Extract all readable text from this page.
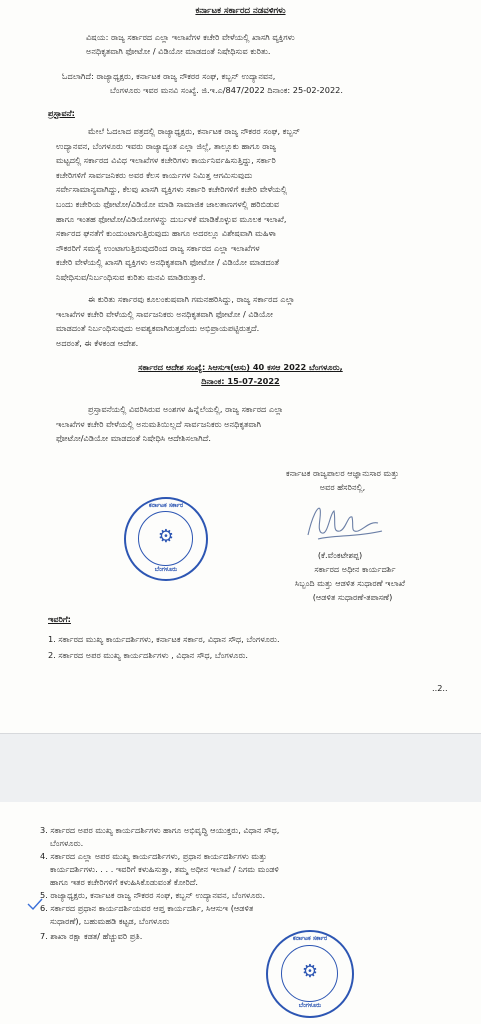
ಕರ್ನಾಟಕ ಸರ್ಕಾರದ ನಡವಳಿಗಳು
ವಿಷಯ: ರಾಜ್ಯ ಸರ್ಕಾರದ ಎಲ್ಲಾ ಇಲಾಖೆಗಳ ಕಚೇರಿ ವೇಳೆಯಲ್ಲಿ ಖಾಸಗಿ ವ್ಯಕ್ತಿಗಳು
ಅನಧಿಕೃತವಾಗಿ ಫೋಟೋ / ವಿಡಿಯೋ ಮಾಡದಂತೆ ನಿಷೇಧಿಸುವ ಕುರಿತು.
ಓದಲಾಗಿದೆ: ರಾಜ್ಯಾಧ್ಯಕ್ಷರು, ಕರ್ನಾಟಕ ರಾಜ್ಯ ನೌಕರರ ಸಂಘ, ಕಬ್ಬನ್ ಉದ್ಯಾನವನ,
ಬೆಂಗಳೂರು ಇವರ ಮನವಿ ಸಂಖ್ಯೆ. ಜಿ.ಇ.ಎ/847/2022 ದಿನಾಂಕ: 25-02-2022.
ಪ್ರಸ್ತಾವನೆ:
ಮೇಲೆ ಓದಲಾದ ಪತ್ರದಲ್ಲಿ ರಾಜ್ಯಾಧ್ಯಕ್ಷರು, ಕರ್ನಾಟಕ ರಾಜ್ಯ ನೌಕರರ ಸಂಘ, ಕಬ್ಬನ್
ಉದ್ಯಾನವನ, ಬೆಂಗಳೂರು ಇವರು ರಾಜ್ಯಾದ್ಯಂತ ಎಲ್ಲಾ ಜಿಲ್ಲೆ, ತಾಲ್ಲೂಕು ಹಾಗೂ ರಾಜ್ಯ
ಮಟ್ಟದಲ್ಲಿ ಸರ್ಕಾರದ ವಿವಿಧ ಇಲಾಖೆಗಳ ಕಚೇರಿಗಳು ಕಾರ್ಯನಿರ್ವಹಿಸುತ್ತಿದ್ದು, ಸರ್ಕಾರಿ
ಕಚೇರಿಗಳಿಗೆ ಸಾರ್ವಜನಿಕರು ಅವರ ಕೆಲಸ ಕಾರ್ಯಗಳ ನಿಮಿತ್ತ ಆಗಮಿಸುವುದು
ಸರ್ವೇಸಾಮಾನ್ಯವಾಗಿದ್ದು, ಕೆಲವು ಖಾಸಗಿ ವ್ಯಕ್ತಿಗಳು ಸರ್ಕಾರಿ ಕಚೇರಿಗಳಿಗೆ ಕಚೇರಿ ವೇಳೆಯಲ್ಲಿ
ಬಂದು ಕಚೇರಿಯ ಫೋಟೋ/ವಿಡಿಯೋ ಮಾಡಿ ಸಾಮಾಜಿಕ ಜಾಲತಾಣಗಳಲ್ಲಿ ಹರಿಬಿಡುವ
ಹಾಗೂ ಇಂತಹ ಫೋಟೋ/ವಿಡಿಯೋಗಳನ್ನು ದುರ್ಬಳಕೆ ಮಾಡಿಕೊಳ್ಳುವ ಮೂಲಕ ಇಲಾಖೆ,
ಸರ್ಕಾರದ ಘನತೆಗೆ ಕುಂದುಂಟಾಗುತ್ತಿರುವುದು ಹಾಗೂ ಅದರಲ್ಲೂ ವಿಶೇಷವಾಗಿ ಮಹಿಳಾ
ನೌಕರರಿಗೆ ಸಮಸ್ಯೆ ಉಂಟಾಗುತ್ತಿರುವುದರಿಂದ ರಾಜ್ಯ ಸರ್ಕಾರದ ಎಲ್ಲಾ ಇಲಾಖೆಗಳ
ಕಚೇರಿ ವೇಳೆಯಲ್ಲಿ ಖಾಸಗಿ ವ್ಯಕ್ತಿಗಳು ಅನಧಿಕೃತವಾಗಿ ಫೋಟೋ / ವಿಡಿಯೋ ಮಾಡದಂತೆ
ನಿಷೇಧಿಸುವ/ನಿರ್ಬಂಧಿಸುವ ಕುರಿತು ಮನವಿ ಮಾಡಿರುತ್ತಾರೆ.
ಈ ಕುರಿತು ಸರ್ಕಾರವು ಕೂಲಂಕುಷವಾಗಿ ಗಮನಹರಿಸಿದ್ದು, ರಾಜ್ಯ ಸರ್ಕಾರದ ಎಲ್ಲಾ
ಇಲಾಖೆಗಳ ಕಚೇರಿ ವೇಳೆಯಲ್ಲಿ ಸಾರ್ವಜನಿಕರು ಅನಧಿಕೃತವಾಗಿ ಫೋಟೋ / ವಿಡಿಯೋ
ಮಾಡದಂತೆ ನಿರ್ಬಂಧಿಸುವುದು ಅವಶ್ಯಕವಾಗಿರುತ್ತದೆಂದು ಅಭಿಪ್ರಾಯಪಟ್ಟಿರುತ್ತದೆ.
ಅದರಂತೆ, ಈ ಕೆಳಕಂಡ ಆದೇಶ.
ಸರ್ಕಾರದ ಆದೇಶ ಸಂಖ್ಯೆ: ಸಿಆಸುಇ(ಆಸು) 40 ಕಸಆ 2022 ಬೆಂಗಳೂರು,
ದಿನಾಂಕ: 15-07-2022
ಪ್ರಸ್ತಾವನೆಯಲ್ಲಿ ವಿವರಿಸಿರುವ ಅಂಶಗಳ ಹಿನ್ನೆಲೆಯಲ್ಲಿ, ರಾಜ್ಯ ಸರ್ಕಾರದ ಎಲ್ಲಾ
ಇಲಾಖೆಗಳ ಕಚೇರಿ ವೇಳೆಯಲ್ಲಿ ಅನುಮತಿಯಿಲ್ಲದೆ ಸಾರ್ವಜನಿಕರು ಅನಧಿಕೃತವಾಗಿ
ಫೋಟೋ/ವಿಡಿಯೋ ಮಾಡದಂತೆ ನಿಷೇಧಿಸಿ ಆದೇಶಿಸಲಾಗಿದೆ.
ಕರ್ನಾಟಕ ರಾಜ್ಯಪಾಲರ ಆಜ್ಞಾನುಸಾರ ಮತ್ತು
ಅವರ ಹೆಸರಿನಲ್ಲಿ,
(ಕೆ.ವೆಂಕಟೇಶಪ್ಪ)
ಸರ್ಕಾರದ ಅಧೀನ ಕಾರ್ಯದರ್ಶಿ
ಸಿಬ್ಬಂದಿ ಮತ್ತು ಆಡಳಿತ ಸುಧಾರಣೆ ಇಲಾಖೆ
(ಆಡಳಿತ ಸುಧಾರಣೆ-ತಪಾಸಣೆ)
ಕರ್ನಾಟಕ ಸರ್ಕಾರ
⚙
ಬೆಂಗಳೂರು
ಇವರಿಗೆ:
1. ಸರ್ಕಾರದ ಮುಖ್ಯ ಕಾರ್ಯದರ್ಶಿಗಳು, ಕರ್ನಾಟಕ ಸರ್ಕಾರ, ವಿಧಾನ ಸೌಧ, ಬೆಂಗಳೂರು.
2. ಸರ್ಕಾರದ ಅಪರ ಮುಖ್ಯ ಕಾರ್ಯದರ್ಶಿಗಳು , ವಿಧಾನ ಸೌಧ, ಬೆಂಗಳೂರು.
..2..
3. ಸರ್ಕಾರದ ಅಪರ ಮುಖ್ಯ ಕಾರ್ಯದರ್ಶಿಗಳು ಹಾಗೂ ಅಭಿವೃದ್ಧಿ ಆಯುಕ್ತರು, ವಿಧಾನ ಸೌಧ,
ಬೆಂಗಳೂರು.
4. ಸರ್ಕಾರದ ಎಲ್ಲಾ ಅಪರ ಮುಖ್ಯ ಕಾರ್ಯದರ್ಶಿಗಳು, ಪ್ರಧಾನ ಕಾರ್ಯದರ್ಶಿಗಳು ಮತ್ತು
ಕಾರ್ಯದರ್ಶಿಗಳು. . . . ಇವರಿಗೆ ಕಳುಹಿಸುತ್ತಾ, ತಮ್ಮ ಅಧೀನ ಇಲಾಖೆ / ನಿಗಮ ಮಂಡಳಿ
ಹಾಗೂ ಇತರ ಕಚೇರಿಗಳಿಗೆ ಕಳುಹಿಸಿಕೊಡುವಂತೆ ಕೋರಿದೆ.
5. ರಾಜ್ಯಾಧ್ಯಕ್ಷರು, ಕರ್ನಾಟಕ ರಾಜ್ಯ ನೌಕರರ ಸಂಘ, ಕಬ್ಬನ್ ಉದ್ಯಾನವನ, ಬೆಂಗಳೂರು.
6. ಸರ್ಕಾರದ ಪ್ರಧಾನ ಕಾರ್ಯದರ್ಶಿಯವರ ಆಪ್ತ ಕಾರ್ಯದರ್ಶಿ, ಸಿಆಸುಇ (ಆಡಳಿತ
ಸುಧಾರಣೆ), ಬಹುಮಹಡಿ ಕಟ್ಟಡ, ಬೆಂಗಳೂರು
7. ಶಾಖಾ ರಕ್ಷಾ ಕಡತ/ ಹೆಚ್ಚುವರಿ ಪ್ರತಿ.	ಕರ್ನಾಟಕ ಸರ್ಕಾರ
⚙
ಬೆಂಗಳೂರು
